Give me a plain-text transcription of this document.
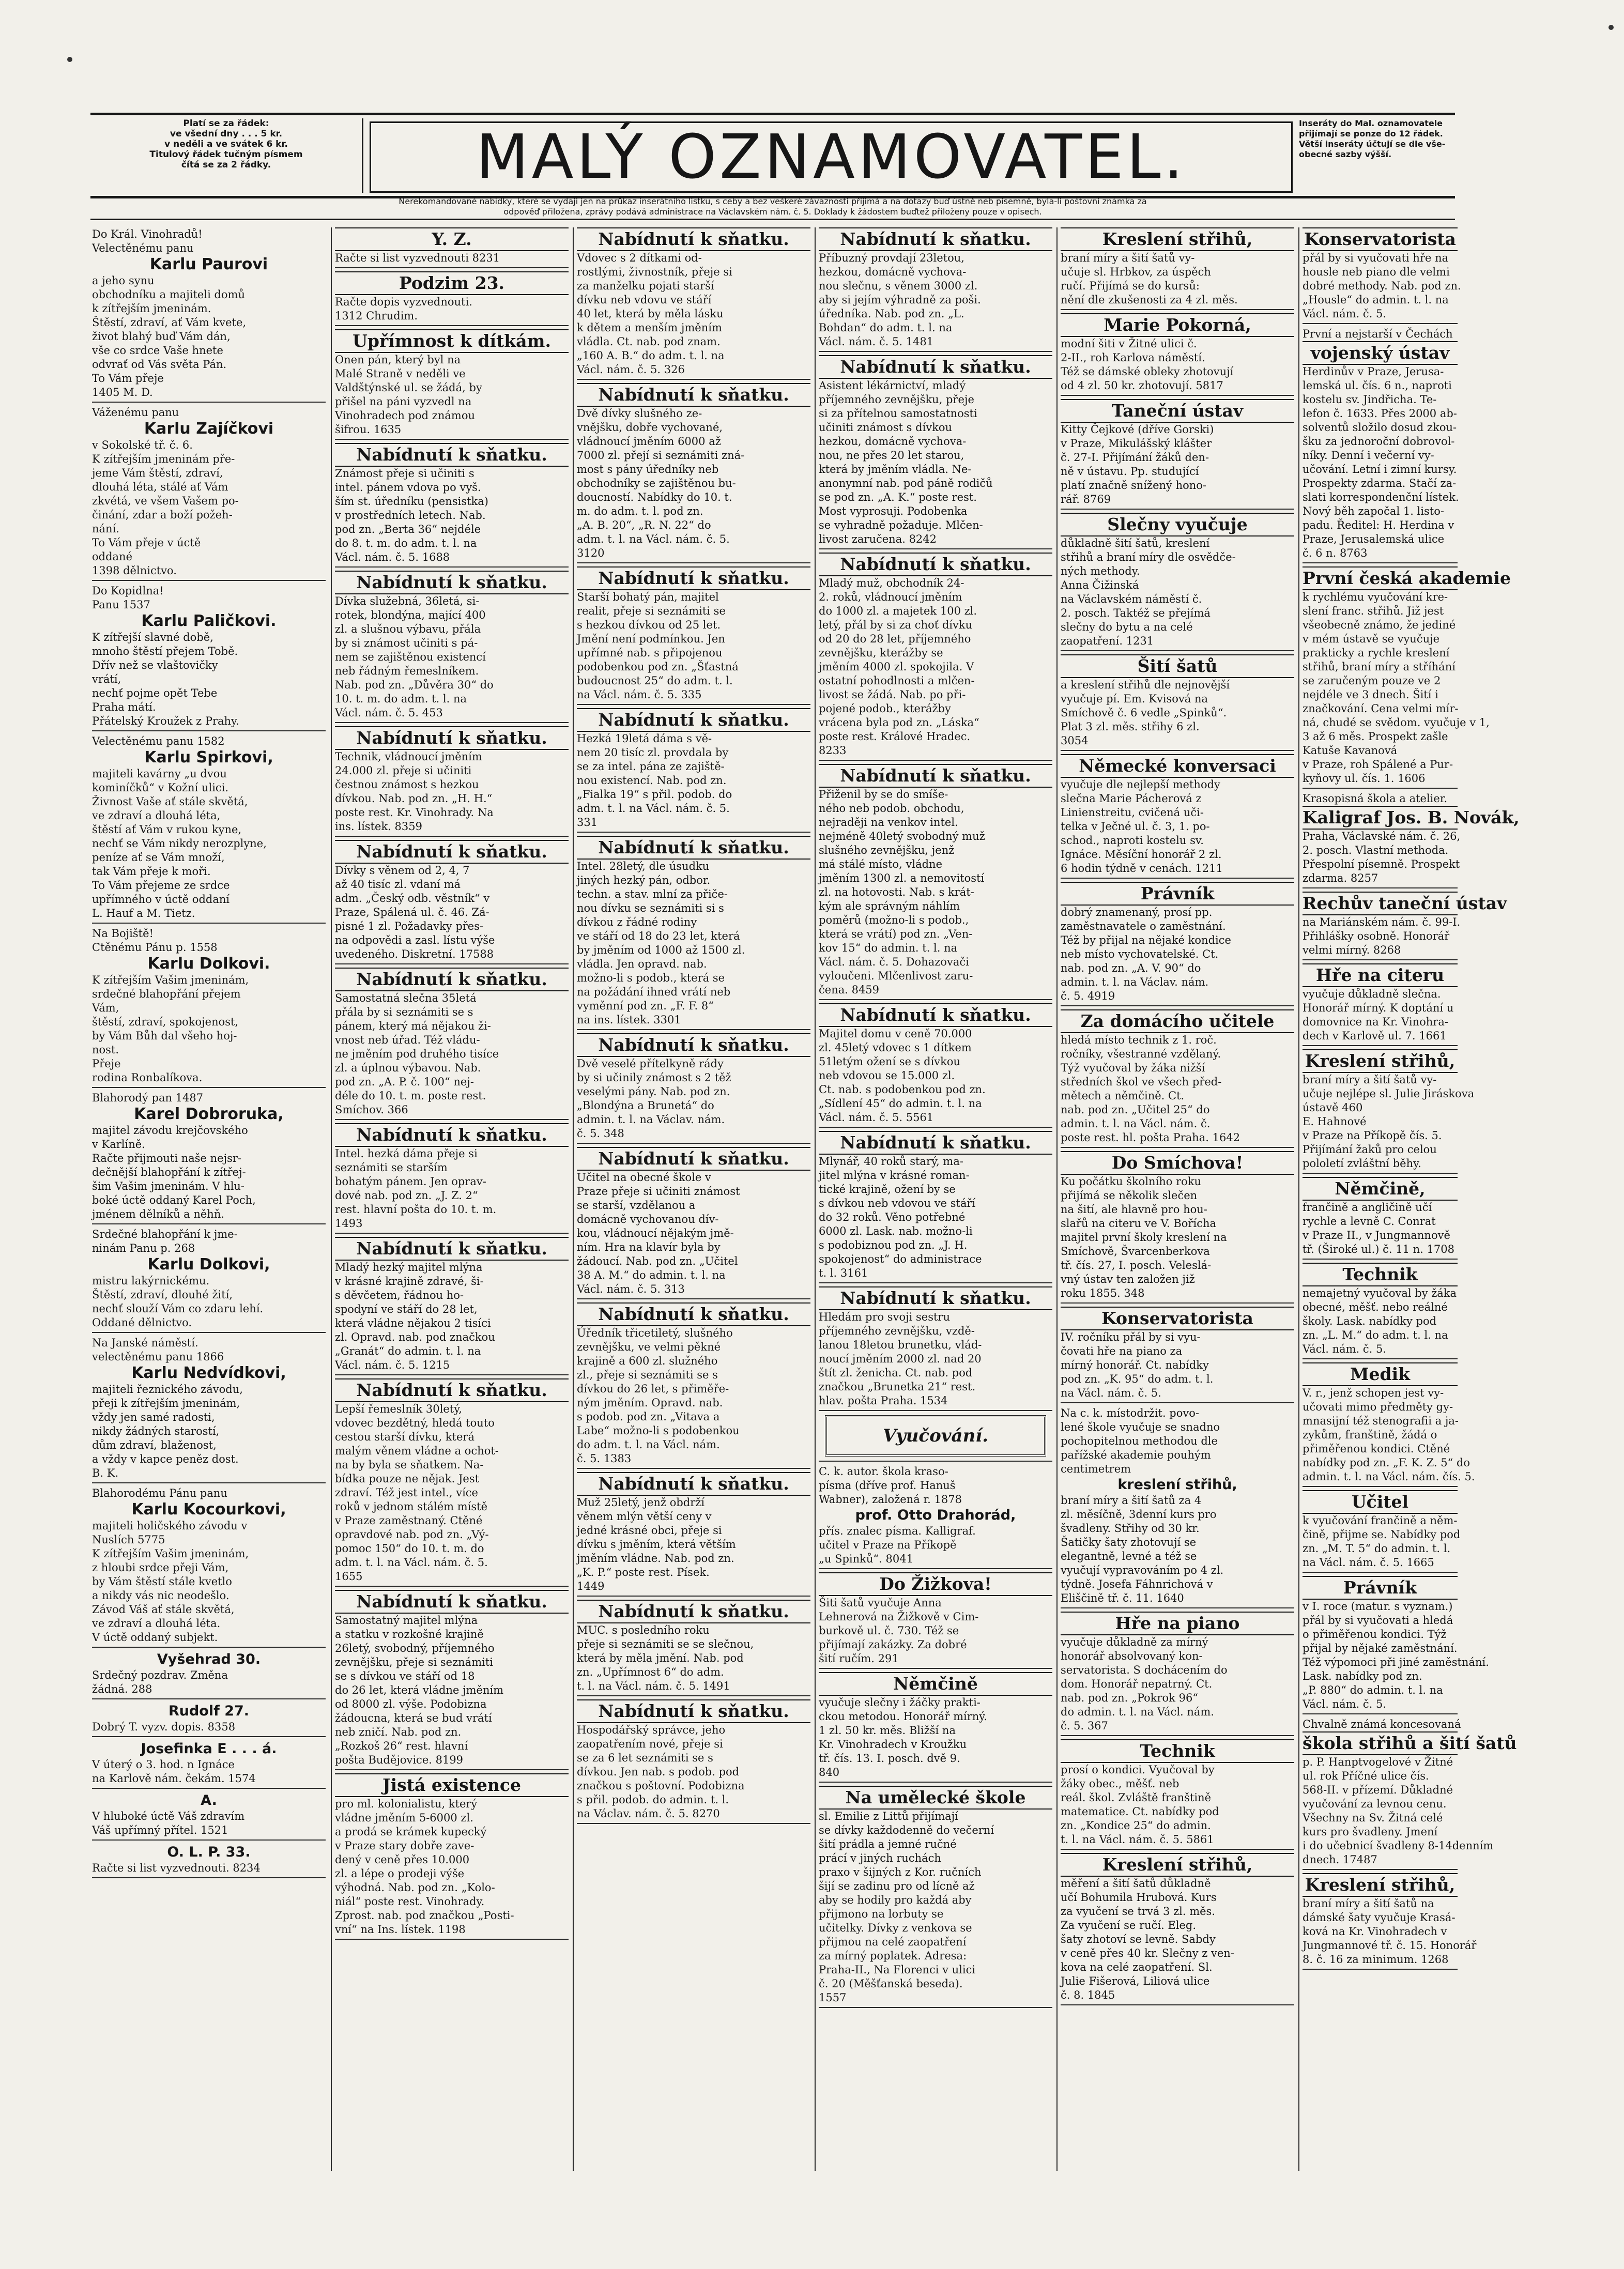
Platí se za řádek:
ve všední dny . . . 5 kr.
v neděli a ve svátek 6 kr.
Titulový řádek tučným písmem
čítá se za 2 řádky.	MALÝ OZNAMOVATEL.	Inseráty do Mal. oznamovatele
přijímají se ponze do 12 řádek.
Větší inseráty účtují se dle vše-
obecné sazby výšší.
Nerekomandované nabídky, které se vydají jen na průkaz inserátního lístku, s ceby a bez veškeré závaznosti přijímá a na dotazy buď ústně neb písemně, byla-li poštovní známka za
odpověď přiložena, zprávy podává administrace na Václavském nám. č. 5. Doklady k žádostem buďtež přiloženy pouze v opisech.
Do Král. Vinohradů!
Velectěnému panu
Karlu Paurovi
a jeho synu
obchodníku a majiteli domů
k zítřejším jmeninám.
Štěstí, zdraví, ať Vám kvete,
život blahý buď Vám dán,
vše co srdce Vaše hnete
odvrať od Vás světa Pán.
To Vám přeje
1405 M. D.
Váženému panu
Karlu Zajíčkovi
v Sokolské tř. č. 6.
K zítřejším jmeninám pře-
jeme Vám štěstí, zdraví,
dlouhá léta, stálé ať Vám
zkvétá, ve všem Vašem po-
činání, zdar a boží požeh-
nání.
To Vám přeje v úctě
oddané
1398 dělnictvo.
Do Kopidlna!
Panu 1537
Karlu Paličkovi.
K zítřejší slavné době,
mnoho štěstí přejem Tobě.
Dřív než se vlaštovičky
vrátí,
nechť pojme opět Tebe
Praha mátí.
Přátelský Kroužek z Prahy.
Velectěnému panu 1582
Karlu Spirkovi,
majiteli kavárny „u dvou
kominíčků“ v Kožní ulici.
Živnost Vaše ať stále skvětá,
ve zdraví a dlouhá léta,
štěstí ať Vám v rukou kyne,
nechť se Vám nikdy nerozplyne,
peníze ať se Vám množí,
tak Vám přeje k moři.
To Vám přejeme ze srdce
upřímného v úctě oddaní
L. Hauf a M. Tietz.
Na Bojiště!
Ctěnému Pánu p. 1558
Karlu Dolkovi.
K zítřejším Vašim jmeninám,
srdečné blahopřání přejem
Vám,
štěstí, zdraví, spokojenost,
by Vám Bůh dal všeho hoj-
nost.
Přeje
rodina Ronbalíkova.
Blahorodý pan 1487
Karel Dobroruka,
majitel závodu krejčovského
v Karlíně.
Račte přijmouti naše nejsr-
dečnější blahopřání k zítřej-
šim Vašim jmeninám. V hlu-
boké úctě oddaný Karel Poch,
jménem dělníků a něhň.
Srdečné blahopřání k jme-
ninám Panu p. 268
Karlu Dolkovi,
mistru lakýrnickému.
Štěstí, zdraví, dlouhé žití,
nechť slouží Vám co zdaru lehí.
Oddané dělnictvo.
Na Janské náměstí.
velectěnému panu 1866
Karlu Nedvídkovi,
majiteli řeznického závodu,
přeji k zítřejším jmeninám,
vždy jen samé radosti,
nikdy žádných starostí,
dům zdraví, blaženost,
a vždy v kapce peněz dost.
B. K.
Blahorodému Pánu panu
Karlu Kocourkovi,
majiteli holičského závodu v
Nuslích 5775
K zítřejším Vašim jmeninám,
z hloubi srdce přeji Vám,
by Vám štěstí stále kvetlo
a nikdy vás nic neodešlo.
Závod Váš ať stále skvětá,
ve zdraví a dlouhá léta.
V úctě oddaný subjekt.
Vyšehrad 30.
Srdečný pozdrav. Změna
žádná. 288
Rudolf 27.
Dobrý T. vyzv. dopis. 8358
Josefinka E . . . á.
V úterý o 3. hod. n Ignáce
na Karlově nám. čekám. 1574
A.
V hluboké úctě Váš zdravím
Váš upřímný přítel. 1521
O. L. P. 33.
Račte si list vyzvednouti. 8234
Y. Z.
Račte si list vyzvednouti 8231
Podzim 23.
Račte dopis vyzvednouti.
1312 Chrudim.
Upřímnost k dítkám.
Onen pán, který byl na
Malé Straně v neděli ve
Valdštýnské ul. se žádá, by
přišel na páni vyzvedl na
Vinohradech pod známou
šifrou. 1635
Nabídnutí k sňatku.
Známost přeje si učiniti s
intel. pánem vdova po vyš.
ším st. úředníku (pensistka)
v prostředních letech. Nab.
pod zn. „Berta 36“ nejdéle
do 8. t. m. do adm. t. l. na
Václ. nám. č. 5. 1688
Nabídnutí k sňatku.
Dívka služebná, 36letá, si-
rotek, blondýna, mající 400
zl. a slušnou výbavu, přála
by si známost učiniti s pá-
nem se zajištěnou existencí
neb řádným řemeslníkem.
Nab. pod zn. „Důvěra 30“ do
10. t. m. do adm. t. l. na
Václ. nám. č. 5. 453
Nabídnutí k sňatku.
Technik, vládnoucí jměním
24.000 zl. přeje si učiniti
čestnou známost s hezkou
dívkou. Nab. pod zn. „H. H.“
poste rest. Kr. Vinohrady. Na
ins. lístek. 8359
Nabídnutí k sňatku.
Dívky s věnem od 2, 4, 7
až 40 tisíc zl. vdaní má
adm. „Český odb. věstník“ v
Praze, Spálená ul. č. 46. Zá-
pisné 1 zl. Požadavky přes-
na odpovědi a zasl. lístu výše
uvedeného. Diskretní. 17588
Nabídnutí k sňatku.
Samostatná slečna 35letá
přála by si seznámiti se s
pánem, který má nějakou ži-
vnost neb úřad. Též vládu-
ne jměním pod druhého tisíce
zl. a úplnou výbavou. Nab.
pod zn. „A. P. č. 100“ nej-
déle do 10. t. m. poste rest.
Smíchov. 366
Nabídnutí k sňatku.
Intel. hezká dáma přeje si
seznámiti se starším
bohatým pánem. Jen oprav-
dové nab. pod zn. „J. Z. 2“
rest. hlavní pošta do 10. t. m.
1493
Nabídnutí k sňatku.
Mladý hezký majitel mlýna
v krásné krajině zdravé, ši-
s děvčetem, řádnou ho-
spodyní ve stáří do 28 let,
která vládne nějakou 2 tisíci
zl. Opravd. nab. pod značkou
„Granát“ do admin. t. l. na
Václ. nám. č. 5. 1215
Nabídnutí k sňatku.
Lepší řemeslník 30letý,
vdovec bezdětný, hledá touto
cestou starší dívku, která
malým věnem vládne a ochot-
na by byla se sňatkem. Na-
bídka pouze ne nějak. Jest
zdraví. Též jest intel., více
roků v jednom stálém místě
v Praze zaměstnaný. Ctěné
opravdové nab. pod zn. „Vý-
pomoc 150“ do 10. t. m. do
adm. t. l. na Václ. nám. č. 5.
1655
Nabídnutí k sňatku.
Samostatný majitel mlýna
a statku v rozkošné krajině
26letý, svobodný, příjemného
zevnějšku, přeje si seznámiti
se s dívkou ve stáří od 18
do 26 let, která vládne jměním
od 8000 zl. výše. Podobizna
žádoucna, která se bud vrátí
neb zničí. Nab. pod zn.
„Rozkoš 26“ rest. hlavní
pošta Budějovice. 8199
Jistá existence
pro ml. kolonialistu, který
vládne jměním 5-6000 zl.
a prodá se krámek kupecký
v Praze stary dobře zave-
dený v ceně přes 10.000
zl. a lépe o prodeji výše
výhodná. Nab. pod zn. „Kolo-
niál“ poste rest. Vinohrady.
Zprost. nab. pod značkou „Posti-
vní“ na Ins. lístek. 1198
Nabídnutí k sňatku.
Vdovec s 2 dítkami od-
rostlými, živnostník, přeje si
za manželku pojati starší
dívku neb vdovu ve stáří
40 let, která by měla lásku
k dětem a menším jměním
vládla. Ct. nab. pod znam.
„160 A. B.“ do adm. t. l. na
Václ. nám. č. 5. 326
Nabídnutí k sňatku.
Dvě dívky slušného ze-
vnějšku, dobře vychované,
vládnoucí jměním 6000 až
7000 zl. přejí si seznámiti zná-
most s pány úředníky neb
obchodníky se zajištěnou bu-
doucností. Nabídky do 10. t.
m. do adm. t. l. pod zn.
„A. B. 20“, „R. N. 22“ do
adm. t. l. na Václ. nám. č. 5.
3120
Nabídnutí k sňatku.
Starší bohatý pán, majitel
realit, přeje si seznámiti se
s hezkou dívkou od 25 let.
Jmění není podmínkou. Jen
upřímné nab. s připojenou
podobenkou pod zn. „Šťastná
budoucnost 25“ do adm. t. l.
na Václ. nám. č. 5. 335
Nabídnutí k sňatku.
Hezká 19letá dáma s vě-
nem 20 tisíc zl. provdala by
se za intel. pána ze zajiště-
nou existencí. Nab. pod zn.
„Fialka 19“ s přil. podob. do
adm. t. l. na Václ. nám. č. 5.
331
Nabídnutí k sňatku.
Intel. 28letý, dle úsudku
jiných hezký pán, odbor.
techn. a stav. mlní za přiče-
nou dívku se seznámiti si s
dívkou z řádné rodiny
ve stáří od 18 do 23 let, která
by jměním od 1000 až 1500 zl.
vládla. Jen opravd. nab.
možno-li s podob., která se
na požádání ihned vrátí neb
vyměnní pod zn. „F. F. 8“
na ins. lístek. 3301
Nabídnutí k sňatku.
Dvě veselé přítelkyně rády
by si učinily známost s 2 těž
veselými pány. Nab. pod zn.
„Blondýna a Brunetá“ do
admin. t. l. na Václav. nám.
č. 5. 348
Nabídnutí k sňatku.
Učitel na obecné škole v
Praze přeje si učiniti známost
se starší, vzdělanou a
domácně vychovanou dív-
kou, vládnoucí nějakým jmě-
ním. Hra na klavír byla by
žádoucí. Nab. pod zn. „Učitel
38 A. M.“ do admin. t. l. na
Václ. nám. č. 5. 313
Nabídnutí k sňatku.
Úředník třicetiletý, slušného
zevnějšku, ve velmi pěkné
krajině a 600 zl. služného
zl., přeje si seznámiti se s
dívkou do 26 let, s přiměře-
ným jměním. Opravd. nab.
s podob. pod zn. „Vitava a
Labe“ možno-li s podobenkou
do adm. t. l. na Václ. nám.
č. 5. 1383
Nabídnutí k sňatku.
Muž 25letý, jenž obdrží
věnem mlýn větší ceny v
jedné krásné obci, přeje si
dívku s jměním, která větším
jměním vládne. Nab. pod zn.
„K. P.“ poste rest. Písek.
1449
Nabídnutí k sňatku.
MUC. s posledního roku
přeje si seznámiti se se slečnou,
která by měla jmění. Nab. pod
zn. „Upřímnost 6“ do adm.
t. l. na Václ. nám. č. 5. 1491
Nabídnutí k sňatku.
Hospodářský správce, jeho
zaopatřením nové, přeje si
se za 6 let seznámiti se s
dívkou. Jen nab. s podob. pod
značkou s poštovní. Podobizna
s přil. podob. do admin. t. l.
na Václav. nám. č. 5. 8270
Nabídnutí k sňatku.
Příbuzný provdají 23letou,
hezkou, domácně vychova-
nou slečnu, s věnem 3000 zl.
aby si jejím výhradně za poši.
úředníka. Nab. pod zn. „L.
Bohdan“ do adm. t. l. na
Václ. nám. č. 5. 1481
Nabídnutí k sňatku.
Asistent lékárnictví, mladý
příjemného zevnějšku, přeje
si za přítelnou samostatnosti
učiniti známost s dívkou
hezkou, domácně vychova-
nou, ne přes 20 let starou,
která by jměním vládla. Ne-
anonymní nab. pod páně rodičů
se pod zn. „A. K.“ poste rest.
Most vyprosuji. Podobenka
se vyhradně požaduje. Mlčen-
livost zaručena. 8242
Nabídnutí k sňatku.
Mladý muž, obchodník 24-
2. roků, vládnoucí jměním
do 1000 zl. a majetek 100 zl.
letý, přál by si za choť dívku
od 20 do 28 let, příjemného
zevnějšku, kterážby se
jměním 4000 zl. spokojila. V
ostatní pohodlnosti a mlčen-
livost se žádá. Nab. po při-
pojené podob., kterážby
vrácena byla pod zn. „Láska“
poste rest. Králové Hradec.
8233
Nabídnutí k sňatku.
Přiženil by se do smíše-
ného neb podob. obchodu,
nejraději na venkov intel.
nejméně 40letý svobodný muž
slušného zevnějšku, jenž
má stálé místo, vládne
jměním 1300 zl. a nemovitostí
zl. na hotovosti. Nab. s krát-
kým ale správným náhlím
poměrů (možno-li s podob.,
která se vrátí) pod zn. „Ven-
kov 15“ do admin. t. l. na
Václ. nám. č. 5. Dohazovači
vyloučeni. Mlčenlivost zaru-
čena. 8459
Nabídnutí k sňatku.
Majitel domu v ceně 70.000
zl. 45letý vdovec s 1 dítkem
51letým ožení se s dívkou
neb vdovou se 15.000 zl.
Ct. nab. s podobenkou pod zn.
„Sídlení 45“ do admin. t. l. na
Václ. nám. č. 5. 5561
Nabídnutí k sňatku.
Mlynář, 40 roků starý, ma-
jitel mlýna v krásné roman-
tické krajině, ožení by se
s dívkou neb vdovou ve stáří
do 32 roků. Věno potřebné
6000 zl. Lask. nab. možno-li
s podobiznou pod zn. „J. H.
spokojenost“ do administrace
t. l. 3161
Nabídnutí k sňatku.
Hledám pro svoji sestru
příjemného zevnějšku, vzdě-
lanou 18letou brunetku, vlád-
noucí jměním 2000 zl. nad 20
štít zl. ženicha. Ct. nab. pod
značkou „Brunetka 21“ rest.
hlav. pošta Praha. 1534
Vyučování.
C. k. autor. škola kraso-
písma (dříve prof. Hanuš
Wabner), založená r. 1878
prof. Otto Drahorád,
přís. znalec písma. Kalligraf.
učitel v Praze na Příkopě
„u Spinků“. 8041
Do Žižkova!
Šiti šatů vyučuje Anna
Lehnerová na Žižkově v Cim-
burkově ul. č. 730. Též se
přijímají zakázky. Za dobré
šití ručím. 291
Němčině
vyučuje slečny i žáčky prakti-
ckou metodou. Honorář mírný.
1 zl. 50 kr. měs. Bližší na
Kr. Vinohradech v Kroužku
tř. čís. 13. I. posch. dvě 9.
840
Na umělecké škole
sl. Emilie z Littů přijímají
se dívky každodenně do večerní
šití prádla a jemné ručné
prácí v jiných ruchách
praxo v šijných z Kor. ručních
šijí se zadinu pro od lícně až
aby se hodily pro každá aby
přijmono na lorbuty se
učitelky. Dívky z venkova se
přijmou na celé zaopatření
za mírný poplatek. Adresa:
Praha-II., Na Florenci v ulici
č. 20 (Měšťanská beseda).
1557
Kreslení střihů,
braní míry a šití šatů vy-
učuje sl. Hrbkov, za úspěch
ručí. Přijímá se do kursů:
nění dle zkušenosti za 4 zl. měs.
Marie Pokorná,
modní šiti v Žitné ulici č.
2-II., roh Karlova náměstí.
Též se dámské obleky zhotovují
od 4 zl. 50 kr. zhotovují. 5817
Taneční ústav
Kitty Čejkové (dříve Gorski)
v Praze, Mikulášský klášter
č. 27-I. Přijímání žáků den-
ně v ústavu. Pp. studující
platí značně snížený hono-
rář. 8769
Slečny vyučuje
důkladně šití šatů, kreslení
střihů a braní míry dle osvědče-
ných methody.
Anna Čižinská
na Václavském náměstí č.
2. posch. Taktéž se přejímá
slečny do bytu a na celé
zaopatření. 1231
Šití šatů
a kreslení střihů dle nejnovější
vyučuje pí. Em. Kvisová na
Smíchově č. 6 vedle „Spinků“.
Plat 3 zl. měs. střihy 6 zl.
3054
Německé konversaci
vyučuje dle nejlepší methody
slečna Marie Pácherová z
Linienstreitu, cvičená uči-
telka v Ječné ul. č. 3, 1. po-
schod., naproti kostelu sv.
Ignáce. Měsíční honorář 2 zl.
6 hodin týdně v cenách. 1211
Právník
dobrý znamenaný, prosí pp.
zaměstnavatele o zaměstnání.
Též by přijal na nějaké kondice
neb místo vychovatelské. Ct.
nab. pod zn. „A. V. 90“ do
admin. t. l. na Václav. nám.
č. 5. 4919
Za domácího učitele
hledá místo technik z 1. roč.
ročníky, všestranné vzdělaný.
Týž vyučoval by žáka nižší
středních škol ve všech před-
mětech a němčině. Ct.
nab. pod zn. „Učitel 25“ do
admin. t. l. na Václ. nám. č.
poste rest. hl. pošta Praha. 1642
Do Smíchova!
Ku počátku školního roku
přijímá se několik slečen
na šití, ale hlavně pro hou-
slařů na citeru ve V. Bořícha
majitel první školy kreslení na
Smíchově, Švarcenberkova
tř. čís. 27, I. posch. Veleslá-
vný ústav ten založen již
roku 1855. 348
Konservatorista
IV. ročníku přál by si vyu-
čovati hře na piano za
mírný honorář. Ct. nabídky
pod zn. „K. 95“ do adm. t. l.
na Václ. nám. č. 5.
Na c. k. místodržit. povo-
lené škole vyučuje se snadno
pochopitelnou methodou dle
pařížské akademie pouhým
centimetrem
kreslení střihů,
braní míry a šití šatů za 4
zl. měsíčně, 3denní kurs pro
švadleny. Střihy od 30 kr.
Šatičky šaty zhotovují se
elegantně, levné a též se
vyučují vypravováním po 4 zl.
týdně. Josefa Fáhnrichová v
Eliščině tř. č. 11. 1640
Hře na piano
vyučuje důkladně za mírný
honorář absolvovaný kon-
servatorista. S dochácením do
dom. Honorář nepatrný. Ct.
nab. pod zn. „Pokrok 96“
do admin. t. l. na Václ. nám.
č. 5. 367
Technik
prosí o kondici. Vyučoval by
žáky obec., měšť. neb
reál. škol. Zvláště franštině
matematice. Ct. nabídky pod
zn. „Kondice 25“ do admin.
t. l. na Václ. nám. č. 5. 5861
Kreslení střihů,
měření a šití šatů důkladně
učí Bohumila Hrubová. Kurs
za vyučení se trvá 3 zl. měs.
Za vyučení se ručí. Eleg.
šaty zhotoví se levně. Sabdy
v ceně přes 40 kr. Slečny z ven-
kova na celé zaopatření. Sl.
Julie Fišerová, Liliová ulice
č. 8. 1845
Konservatorista
přál by si vyučovati hře na
housle neb piano dle velmi
dobré methody. Nab. pod zn.
„Housle“ do admin. t. l. na
Václ. nám. č. 5.
První a nejstarší v Čechách
vojenský ústav
Herdinův v Praze, Jerusa-
lemská ul. čís. 6 n., naproti
kostelu sv. Jindřicha. Te-
lefon č. 1633. Přes 2000 ab-
solventů složilo dosud zkou-
šku za jednoroční dobrovol-
níky. Denní i večerní vy-
učování. Letní i zimní kursy.
Prospekty zdarma. Stačí za-
slati korrespondenční lístek.
Nový běh započal 1. listo-
padu. Ředitel: H. Herdina v
Praze, Jerusalemská ulice
č. 6 n. 8763
První česká akademie
k rychlému vyučování kre-
slení franc. střihů. Již jest
všeobecně známo, že jediné
v mém ústavě se vyučuje
prakticky a rychle kreslení
střihů, braní míry a stříhání
se zaručeným pouze ve 2
nejdéle ve 3 dnech. Šití i
značkování. Cena velmi mír-
ná, chudé se svědom. vyučuje v 1,
3 až 6 měs. Prospekt zašle
Katuše Kavanová
v Praze, roh Spálené a Pur-
kyňovy ul. čís. 1. 1606
Krasopisná škola a atelier.
Kaligraf Jos. B. Novák,
Praha, Václavské nám. č. 26,
2. posch. Vlastní methoda.
Přespolní písemně. Prospekt
zdarma. 8257
Rechův taneční ústav
na Mariánském nám. č. 99-I.
Přihlášky osobně. Honorář
velmi mírný. 8268
Hře na citeru
vyučuje důkladně slečna.
Honorář mírný. K doptání u
domovnice na Kr. Vinohra-
dech v Karlově ul. 7. 1661
Kreslení střihů,
braní míry a šití šatů vy-
učuje nejlépe sl. Julie Jiráskova
ústavě 460
E. Hahnové
v Praze na Příkopě čís. 5.
Přijímání žaků pro celou
pololetí zvláštní běhy.
Němčině,
frančině a angličině učí
rychle a levně C. Conrat
v Praze II., v Jungmannově
tř. (Široké ul.) č. 11 n. 1708
Technik
nemajetný vyučoval by žáka
obecné, měšť. nebo reálné
školy. Lask. nabídky pod
zn. „L. M.“ do adm. t. l. na
Václ. nám. č. 5.
Medik
V. r., jenž schopen jest vy-
učovati mimo předměty gy-
mnasijní též stenografii a ja-
zykům, franštině, žádá o
přiměřenou kondici. Ctěné
nabídky pod zn. „F. K. Z. 5“ do
admin. t. l. na Václ. nám. čís. 5.
Učitel
k vyučování frančině a něm-
čině, přijme se. Nabídky pod
zn. „M. T. 5“ do admin. t. l.
na Václ. nám. č. 5. 1665
Právník
v I. roce (matur. s vyznam.)
přál by si vyučovati a hledá
o přiměřenou kondici. Týž
přijal by nějaké zaměstnání.
Též výpomoci při jiné zaměstnání.
Lask. nabídky pod zn.
„P. 880“ do admin. t. l. na
Václ. nám. č. 5.
Chvalně známá koncesovaná
škola střihů a šití šatů
p. P. Hanptvogelové v Žitné
ul. rok Příčné ulice čís.
568-II. v přízemí. Důkladné
vyučování za levnou cenu.
Všechny na Sv. Žitná celé
kurs pro švadleny. Jmení
i do učebnicí švadleny 8-14denním
dnech. 17487
Kreslení střihů,
braní míry a šití šatů na
dámské šaty vyučuje Krasá-
ková na Kr. Vinohradech v
Jungmannové tř. č. 15. Honorář
8. č. 16 za minimum. 1268
